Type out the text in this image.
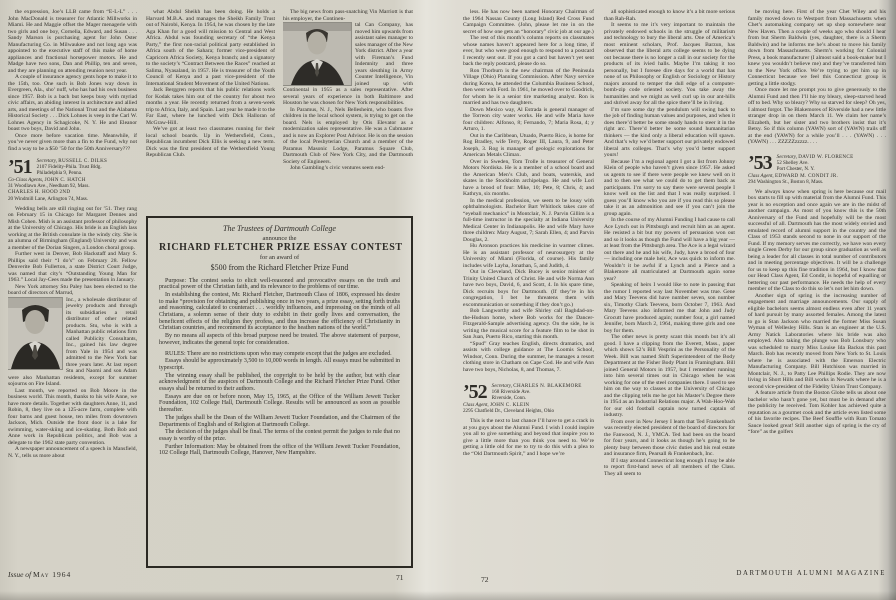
the expression, Joe’s LLB came from “E-L-L” . . . John MacDonald is treasurer for Atlantic Millworks in Miami. He and Maggie offset the Mager menagerie with two girls and one boy, Cornelia, Edward, and Susan . . . Sandy Marson is purchasing agent for John Oster Manufacturing Co. in Milwaukee and not long ago was appointed to the executive staff of this make of home appliances and fractional horsepower motors. He and Madge have two sons, Dan and Phillip, ten and seven, and they are planning on attending reunion next year.

A couple of insurance agency gents hope to make it to the 15th, too. One such is Bob Jones way down in Evergreen, Ala., sho’ nuff, who has had his own business since 1957. Bob is a bach but keeps busy with myriad civic affairs, an abiding interest in architecture and allied arts, and meetings of the National Trust and the Alabama Historical Society . . . Dick Lohnes is veep in the Carl W. Lohnes Agency in Schagicoke, N. Y. He and Eleanor boast two boys, David and John.

Once more before vacation time. Meanwhile, if you’ve never given more than a fin to the Fund, why not find a way to be a $50 ’50 for the 50th Anniversary???

’51 Secretary, RUSSELL C. DILKS
2107 Fidelity-Phila. Trust Bldg.
Philadelphia 9, Penna.
Co-Class Agents, JOHN C. HATCH
31 Woodlawn Ave., Needham 92, Mass.
CHARLES H. HOOD 2ND
20 Windmill Lane, Arlington 74, Mass.

Wedding bells are still ringing out for ’51. They rang on February 15 in Chicago for Margaret Dennes and Mish Cohen. Mish is an assistant professor of philosophy at the University of Chicago. His bride is an English lass working at the British consulate in the windy city. She is an alumna of Birmingham (England) University and was a member of the Dorian Singers, a London choral group.

Further west in Denver, Bob Hackstaff and Mary S. Phillips said their “I do’s” on February 28. Fellow Denverite Bob Fullerton, a state District Court Judge, was named that city’s “Outstanding Young Man for 1963.” Local Jay-Cees made the presentation in January.

New York attorney Stu Paley has been elected to the board of directors of Marrud,

Inc., a wholesale distributor of jewelry products and through its subsidiaries a retail distributor of other related products. Stu, who is with a Manhattan public relations firm called Publicity Consultants, Inc., gained his law degree from Yale in 1954 and was admitted to the New York bar three years later. At last report Stu and Naomi and son Adam were also Manhattan residents, except for summer sojourns on Fire Island.

Last month, we reported on Bob Moore in the business world. This month, thanks to his wife Anne, we have more details. Together with daughters Anne, 11, and Robin, 8, they live on a 125-acre farm, complete with four barns and guest house, ten miles from downtown Jackson, Mich. Outside the front door is a lake for swimming, water-skiing and ice-skating. Both Bob and Anne work in Republican politics, and Bob was a delegate to the 1962 state party convention.

A newspaper announcement of a speech in Mansfield, N. Y., tells us more about

what Abdul Sheikh has been doing. He holds a Harvard M.B.A. and manages the Sheikh Family Trust out of Nairobi, Kenya. In 1954, he was chosen by the late Aga Khan for a good will mission to Central and West Africa. Abdul was founding secretary of “the Kenya Party,” the first non-racial political party established in Africa south of the Sahara; former vice-president of Capricorn Africa Society, Kenya branch; and a signatory to the society’s “Contract Between the Races” reached at Salima, Nyasaland, in 1957. He is treasurer of the Youth Council of Kenya and a past vice-president of the International Student Movement of the United Nations.

Jack Berggren reports that his public relations work for Kodak takes him out of the country for about two months a year. He recently returned from a seven-week trip to Africa, Italy, and Spain. Last year he made it to the Far East, where he lunched with Dick Halloran of McGraw-Hill.

We’ve got at least two classmates running for their local school boards. Up in Wethersfield, Conn., Republican incumbent Dick Ellis is seeking a new term. Dick was the first president of the Wethersfield Young Republican Club.

The big news from pass-snatching Vin Marriott is that his employer, the Continen-

tal Can Company, has moved him upwards from assistant sales manager to sales manager of the New York district. After a year with Fireman’s Fund Indemnity and three years sleuthing in Army Counter Intelligence, Vin joined up with Continental in 1955 as a sales representative. After several years of experience in both Baltimore and Houston he was chosen for New York responsibilities.

In Paramus, N. J., Nels Bellesheim, who boasts five children in the local school system, is trying to get on the board. Nels is employed by Otis Elevator as a modernization sales representative. He was a Cubmaster and is now an Explorer Post Advisor. He is on the session of the local Presbyterian Church and a member of the Paramus Masonic Lodge, Paramus Square Club, Dartmouth Club of New York City, and the Dartmouth Society of Engineers.

John Gambling’s civic ventures seem end-

The Trustees of Dartmouth College

announce the

RICHARD FLETCHER PRIZE ESSAY CONTEST

for an award of

$500 from the Richard Fletcher Prize Fund

Purpose: The contest seeks to elicit well-reasoned and provocative essays on the truth and practical power of the Christian faith, and its relevance to the problems of our time.

In establishing the contest, Mr. Richard Fletcher, Dartmouth Class of 1806, expressed his desire to make “provision for obtaining and publishing once in two years, a prize essay, setting forth truths and reasoning, calculated to counteract . . . worldly influences, and impressing on the minds of all Christians, a solemn sense of their duty to exhibit in their godly lives and conversation, the beneficent effects of the religion they profess, and thus increase the efficiency of Christianity in Christian countries, and recommend its acceptance to the heathen nations of the world.”

By no means all aspects of this broad purpose need be treated. The above statement of purpose, however, indicates the general topic for consideration.

RULES: There are no restrictions upon who may compete except that the judges are excluded.

Essays should be approximately 3,500 to 10,000 words in length. All essays must be submitted in typescript.

The winning essay shall be published, the copyright to be held by the author, but with clear acknowledgment of the auspices of Dartmouth College and the Richard Fletcher Prize Fund. Other essays shall be returned to their authors.

Essays are due on or before noon, May 15, 1965, at the Office of the William Jewett Tucker Foundation, 102 College Hall, Dartmouth College. Results will be announced as soon as possible thereafter.

The judges shall be the Dean of the William Jewett Tucker Foundation, and the Chairmen of the Departments of English and of Religion at Dartmouth College.

The decision of the judges shall be final. The terms of the contest permit the judges to rule that no essay is worthy of the prize.

Further Information: May be obtained from the office of the William Jewett Tucker Foundation, 102 College Hall, Dartmouth College, Hanover, New Hampshire.

less. He has now been named Honorary Chairman of the 1964 Nassau County (Long Island) Red Cross Fund Campaign Committee. (John, please let me in on the secret of how one gets an “honorary” civic job at our age.)

The rest of this month’s column reports on classmates whose names haven’t appeared here for a long time, if ever, but who were good enough to respond to a postcard I recently sent out. If you got a card but haven’t yet sent back the reply postcard, please do so.

Ron Thorburn is the new chairman of the Peninsula Village (Ohio) Planning Commission. After Navy service during Korea, he attended the Columbia Business School, then went with Ford. In 1961, he moved over to Goodrich, for whom he is a senior tire marketing analyst. Ron is married and has two daughters.

Down Mexico way, Al Estrada is general manager of the Torreon city water works. He and wife Maria have four children: Alfonso, 8; Fernando, 7; Maria Rosa, 4; y Arturo, 1.

Out in the Caribbean, Utuado, Puerto Rico, is home for Rog Bradley, wife Terry, Roger III, Laura, 9, and Peter Joseph, 3. Rog is manager of geologic explorations for American Metals Climax.

Over in Sweden, Tom Trolle is treasurer of General Motors Nordiska. He is a member of a school board and the American Men’s Club, and boats, waterskis, and skates in the Stockholm archipelago. He and wife Lori have a brood of four: Mike, 10; Pete, 8; Chris, 4; and Kathryn, six months.

In the medical profession, we seem to be lousy with ophthalmologists. Bachelor Bart Whitlock takes care of “eyeball mechanics” in Montclair, N. J. Parvin Gillim is a full-time instructor in the specialty at Indiana University Medical Center in Indianapolis. He and wife Mary have three children: Mary August, 7; Sarah Ellen, 4; and Parvin Douglas, 2.

Hu Aronson practices his medicine in warmer climes. He is an assistant professor of neurosurgery at the University of Miami (Florida, of course). His family includes wife Layha, Jonathan, 5, and Judith, 4.

Out in Cleveland, Dick Bucey is senior minister of Trinity United Church of Christ. He and wife Norma Ann have two boys, David, 6, and Scott, 4. In his spare time, Dick recruits boys for Dartmouth. (If they’re in his congregation, I bet he threatens them with excommunication or something if they don’t go.)

Bob Langworthy and wife Shirley call Baghdad-on-the-Hudson home, where Bob works for the Dancer-Fitzgerald-Sample advertising agency. On the side, he is writing the musical score for a feature film to be shot in San Juan, Puerto Rico, starting this month.

“Spud” Gray teaches English, directs dramatics, and assists with college guidance at The Loomis School, Windsor, Conn. During the summer, he manages a resort clothing store in Chatham on Cape Cod. He and wife Ann have two boys, Nicholas, 8, and Thomas, 7.

’52 Secretary, CHARLES N. BLAKEMORE
168 Riverside Ave.
Riverside, Conn.
Class Agent, JOHN C. KLEIN
2295 Chatfield Dr., Cleveland Heights, Ohio

This is the next to last chance I’ll have to get a crack in at you guys about the Alumni Fund. I wish I could inspire you all to give something and beyond that inspire you to give a little more than you think you need to. We’re getting a little old for me to try to do this with a plea to the “Old Dartmouth Spirit,” and I hope we’re

all sophisticated enough to know it’s a bit more serious than Rah-Rah.

It seems to me it’s very important to maintain the privately endowed schools in the struggle of militarism and technology to bury the liberal arts. One of America’s most eminent scholars, Prof. Jacques Barzun, has observed that the liberal arts college seems to be dying out because there is no longer a call in our society for the products of its ivied halls. Maybe I’m taking it too personally, but I foresee dire days for a world that has none of us Philosophy or English or Sociology or History majors around to temper the dull edge of a computer-bomb-zip code oriented society. You take away the humanities and we might as well curl up in our ant-hills and shrivel away for all the spice there’ll be in living.

I’m sure some day the pendulum will swing back to the job of finding human values and purposes, and when it does there’d better be some steady hands to steer it in the right arc. There’d better be some sound humanitarian thinkers — the kind only a liberal education will spawn. And that’s why we’d better support our privately endowed liberal arts colleges. That’s why you’d better support yours!

Because I’m a regional agent I got a list from Johnny Klein of people who haven’t given since 1957. He asked us agents to see if there were people we knew well on it and to then see what we could do to get them back as participants. I’m sorry to say there were several people I know well on the list and that I was really surprised. I guess you’ll know who you are if you read this so please take it as an admonition and see if you can’t join the group again.

In the course of my Alumni Funding I had cause to call Ace Lynch out in Pittsburgh and recruit him as an agent. He resisted a bit but my powers of persuasion won out and so it looks as though the Fund will have a big year — at least from the Pittsburgh area. The Ace is a legal wizard out there and he and his wife, Judy, have a brood of four — including one male heir, Ace was quick to inform me. Wouldn’t it be awful if a Lynch and a Pierce and a Blakemore all matriculated at Dartmouth again some year?

Speaking of heirs I would like to note in passing that the rumor I reported way last November was true. Gene and Mary Teevens did have number seven, son number six, Timothy Clark Teevens, born October 7, 1963. And Mary Teevens also informed me that John and Judy Grocutt have produced again; number four, a girl named Jennifer, born March 2, 1964, making three girls and one boy for them.

The other news is pretty scant this month but it’s all good. I have a clipping from the Everett, Mass., paper which shows 52’s Bill Vesprini as the Personality of the Week. Bill was named Shift Superintendent of the Body Department at the Fisher Body Plant in Framingham. Bill joined General Motors in 1957, but I remember running into him several times out in Chicago when he was working for one of the steel companies there. I used to see him on the way to classes at the University of Chicago and the clipping tells me he got his Master’s Degree there in 1954 as an Industrial Relations major. A Wah-Hoo-Wah for our old football captain now turned captain of industry.

From over in New Jersey I learn that Ted Frankenbach was recently elected president of the board of directors for the Fanwood, N. J., YMCA. Ted had been on the board for four years, and it looks as though he’s going to be plenty busy between those civic duties and his real estate and insurance firm, Pearsall & Frankenbach, Inc.

If I stay around Connecticut long enough I may be able to report first-hand news of all members of the Class. They all seem to

be moving here. First of the year Chet Wiley and his family moved down to Westport from Massachusetts when Chet’s automaking company set up shop somewhere near New Haven. Then a couple of weeks ago who should I hear from but Sherm Baldwin (yes, daughter, there is a Sherm Baldwin) and he informs me he’s about to move his family down from Massachusetts. Sherm’s working for Colonial Press, a book manufacturer (I almost said a book-maker but I knew you wouldn’t believe me) and they’ve transferred him to the New York office. We’re trying to get him up in Connecticut because we feel this Connecticut group is getting a little stodgy.

Once more let me prompt you to give generously to the Alumni Fund and then I’ll hie my bleary, sleep-starved head off to bed. Why so bleary? Why so starved for sleep? Oh yes, I almost forgot. The Blakemores of Riverside had a new little stranger drop in on them March 11. We claim her name’s Elizabeth, but her sister and two brothers insist that it’s Betsy. So if this column (YAWN) sort of (YAWN) trails off at the end (YAWN) for a while you’ll . . . (YAWN) . . . (YAWN) . . . ZZZZZzzzzz. . . .

’53 Secretary, DAVID W. FLORENCE
52 Shelley Ave.
Port Chester, N. Y.
Class Agent, EDWARD M. CONDIT JR.
294 Washington St., Boston 8, Mass.

We always know when spring is here because our mail box starts to fill up with material from the Alumni Fund. This year is no exception and once again we are in the midst of another campaign. As most of you know this is the 50th Anniversary of the Fund and hopefully will be the most successful of all. Dartmouth has the most widely envied and emulated record of alumni support in the country and the Class of 1953 stands second to none in our support of the Fund. If my memory serves me correctly, we have won every single Green Derby for our group since graduation as well as being a leader for all classes in total number of contributors and in meeting percentage objectives. It will be a challenge for us to keep up this fine tradition in 1964, but I know that our Head Class Agent, Ed Condit, is hopeful of equalling or bettering our past performance. He needs the help of every member of the Class to do this so let’s not let him down.

Another sign of spring is the increasing number of engagement and marriage announcements. Our supply of eligible bachelors seems almost endless even after 11 years of hard pursuit by many assorted females. Among the latest to go is Stan Jackson who married the former Miss Susan Wyman of Wellesley Hills. Stan is an engineer at the U.S. Army Natick Laboratories where his bride was also employed. Also taking the plunge was Bob Lonsbury who was scheduled to marry Miss Louise Ida Backus this past March. Bob has recently moved from New York to St. Louis where he is associated with the Emerson Electric Manufacturing Company. Bill Hutchison was married in Montclair, N. J., to Patty Lee Phillips Rodie. They are now living in Short Hills and Bill works in Newark where he is a second vice-president of the Fidelity Union Trust Company.

A feature article from the Boston Globe tells us about one bachelor who hasn’t gone yet, but must be in demand after the publicity he received. Tom Kohler has achieved quite a reputation as a gourmet cook and the article even listed some of his favorite recipes. The Beef Souffle with Rum Tomato Sauce looked great! Still another sign of spring is the cry of “fore” as the golfers

Issue of May 1964	71	72
DARTMOUTH ALUMNI MAGAZINE
